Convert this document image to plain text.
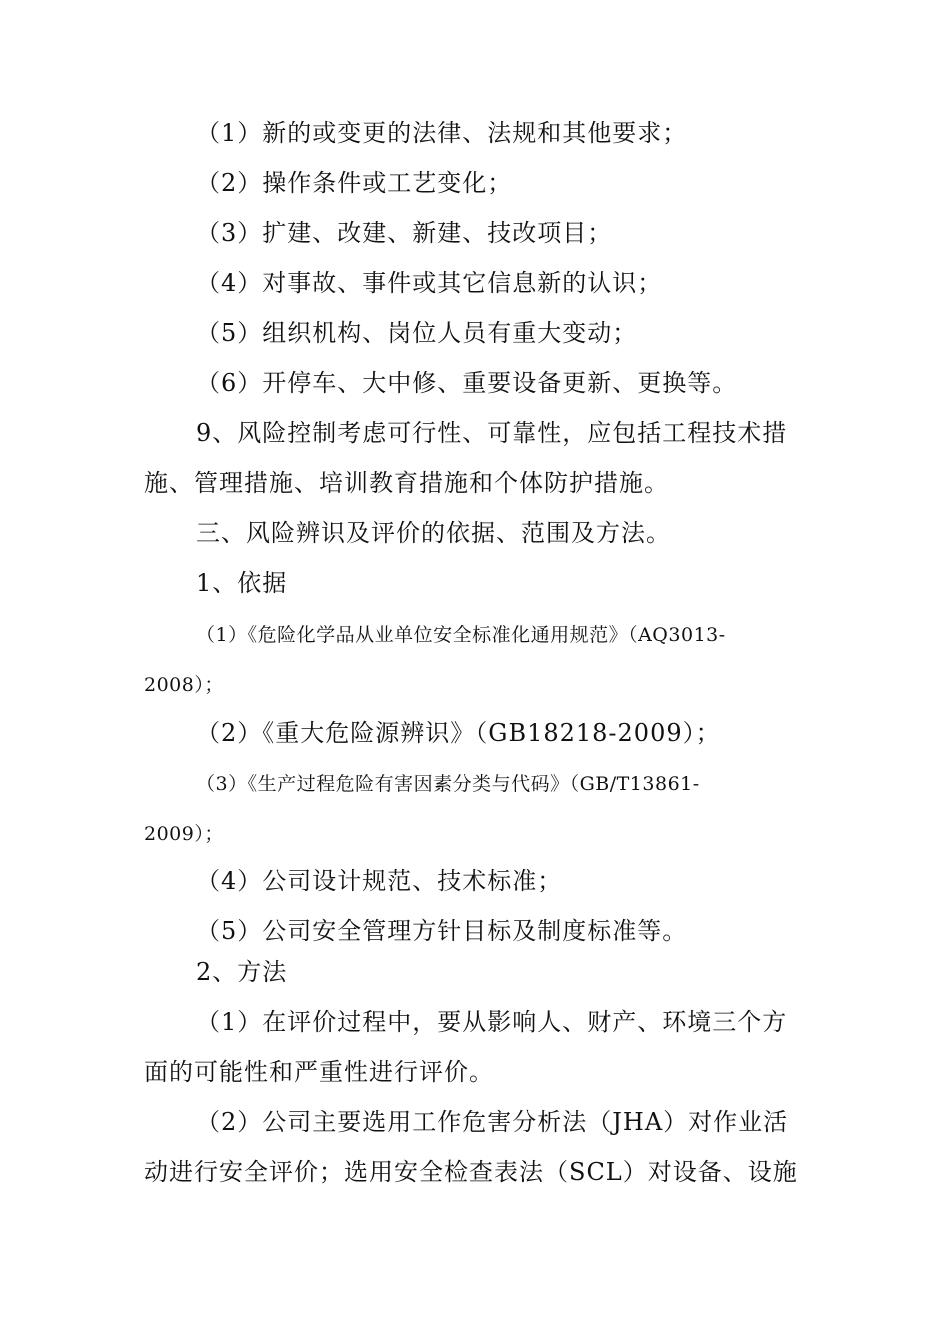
（1）新的或变更的法律、法规和其他要求；
（2）操作条件或工艺变化；
（3）扩建、改建、新建、技改项目；
（4）对事故、事件或其它信息新的认识；
（5）组织机构、岗位人员有重大变动；
（6）开停车、大中修、重要设备更新、更换等。
9、风险控制考虑可行性、可靠性，应包括工程技术措
施、管理措施、培训教育措施和个体防护措施。
三、风险辨识及评价的依据、范围及方法。
1、依据
（1）《危险化学品从业单位安全标准化通用规范》（AQ3013-
2008）；
（2）《重大危险源辨识》（GB18218-2009）；
（3）《生产过程危险有害因素分类与代码》（GB/T13861-
2009）；
（4）公司设计规范、技术标准；
（5）公司安全管理方针目标及制度标准等。
2、方法
（1）在评价过程中，要从影响人、财产、环境三个方
面的可能性和严重性进行评价。
（2）公司主要选用工作危害分析法（JHA）对作业活
动进行安全评价；选用安全检查表法（SCL）对设备、设施
